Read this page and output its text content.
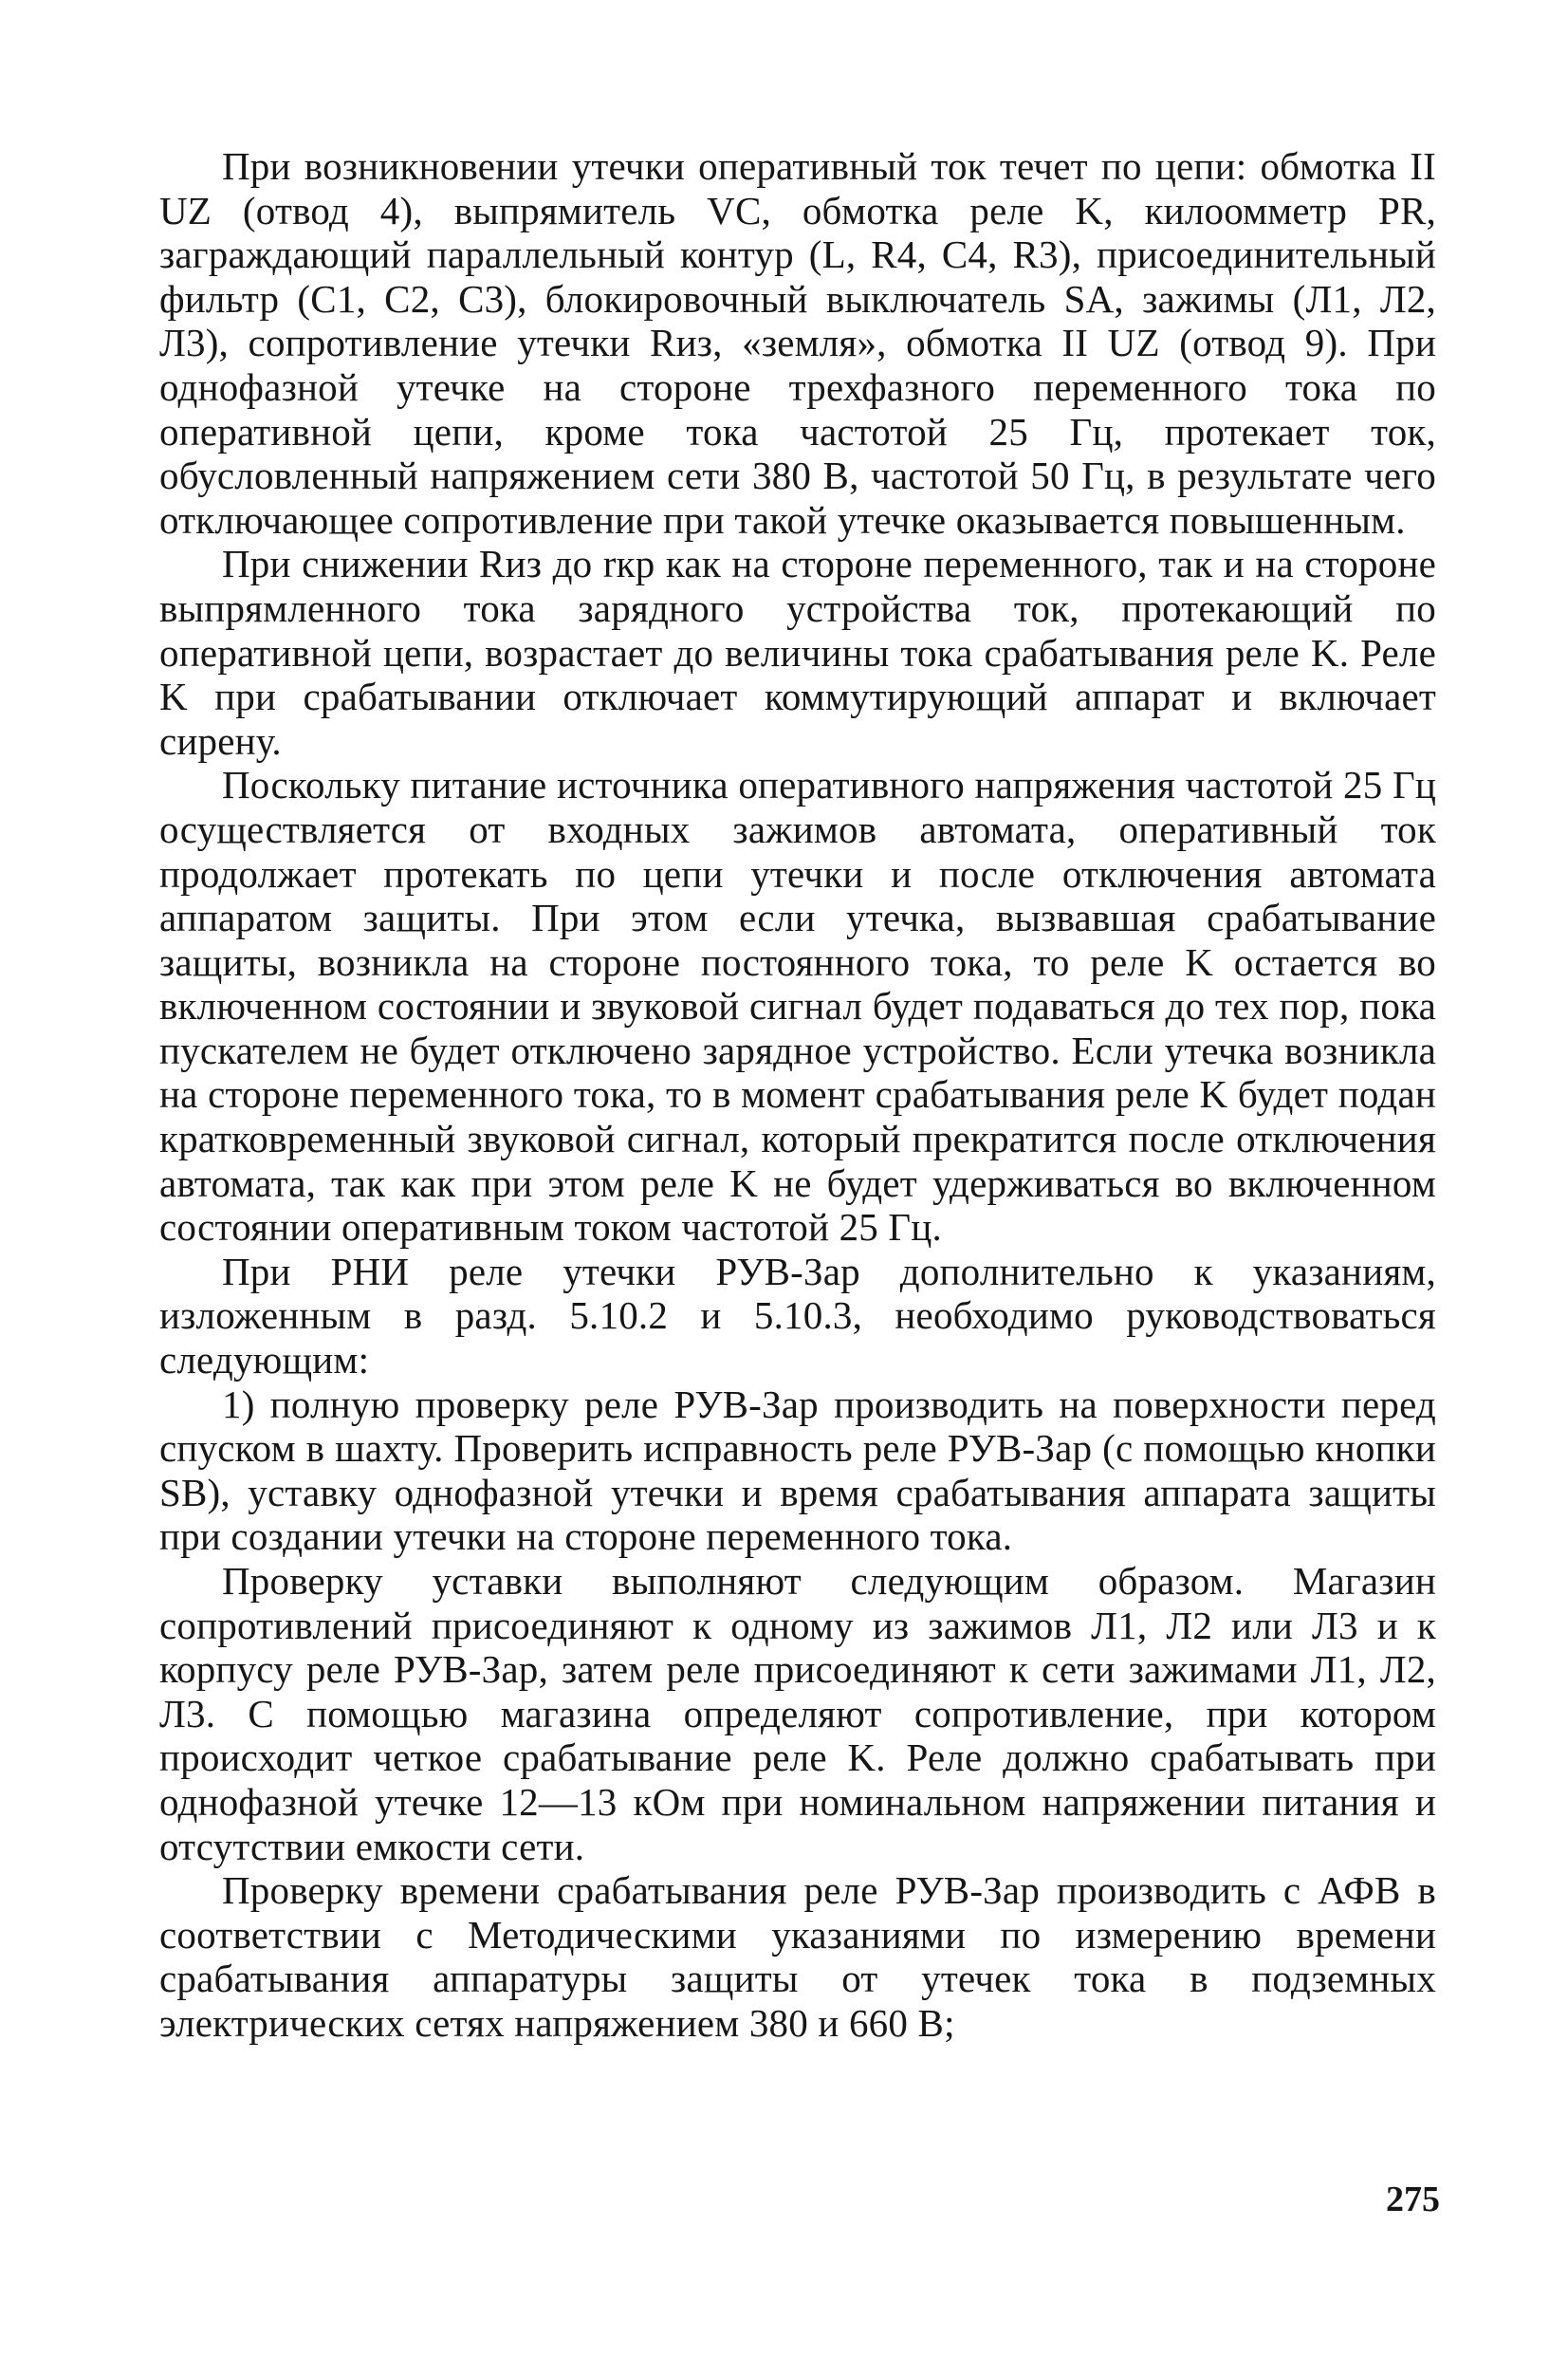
При возникновении утечки оперативный ток течет по цепи: обмотка II UZ (отвод 4), выпрямитель VC, обмотка реле K, килоомметр PR, заграждающий параллельный контур (L, R4, C4, R3), присоединительный фильтр (C1, C2, C3), блокировочный выключатель SA, зажимы (Л1, Л2, Л3), сопротивление утечки Rиз, «земля», обмотка II UZ (отвод 9). При однофазной утечке на стороне трехфазного переменного тока по оперативной цепи, кроме тока частотой 25 Гц, протекает ток, обусловленный напряжением сети 380 В, частотой 50 Гц, в результате чего отключающее сопротивление при такой утечке оказывается повышенным.

При снижении Rиз до rкр как на стороне переменного, так и на стороне выпрямленного тока зарядного устройства ток, протекающий по оперативной цепи, возрастает до величины тока срабатывания реле K. Реле K при срабатывании отключает коммутирующий аппарат и включает сирену.

Поскольку питание источника оперативного напряжения частотой 25 Гц осуществляется от входных зажимов автомата, оперативный ток продолжает протекать по цепи утечки и после отключения автомата аппаратом защиты. При этом если утечка, вызвавшая срабатывание защиты, возникла на стороне постоянного тока, то реле K остается во включенном состоянии и звуковой сигнал будет подаваться до тех пор, пока пускателем не будет отключено зарядное устройство. Если утечка возникла на стороне переменного тока, то в момент срабатывания реле K будет подан кратковременный звуковой сигнал, который прекратится после отключения автомата, так как при этом реле K не будет удерживаться во включенном состоянии оперативным током частотой 25 Гц.

При РНИ реле утечки РУВ-Зар дополнительно к указаниям, изложенным в разд. 5.10.2 и 5.10.3, необходимо руководствоваться следующим:

1) полную проверку реле РУВ-Зар производить на поверхности перед спуском в шахту. Проверить исправность реле РУВ-Зар (с помощью кнопки SB), уставку однофазной утечки и время срабатывания аппарата защиты при создании утечки на стороне переменного тока.

Проверку уставки выполняют следующим образом. Магазин сопротивлений присоединяют к одному из зажимов Л1, Л2 или Л3 и к корпусу реле РУВ-Зар, затем реле присоединяют к сети зажимами Л1, Л2, Л3. С помощью магазина определяют сопротивление, при котором происходит четкое срабатывание реле K. Реле должно срабатывать при однофазной утечке 12—13 кОм при номинальном напряжении питания и отсутствии емкости сети.

Проверку времени срабатывания реле РУВ-Зар производить с АФВ в соответствии с Методическими указаниями по измерению времени срабатывания аппаратуры защиты от утечек тока в подземных электрических сетях напряжением 380 и 660 В;

275
